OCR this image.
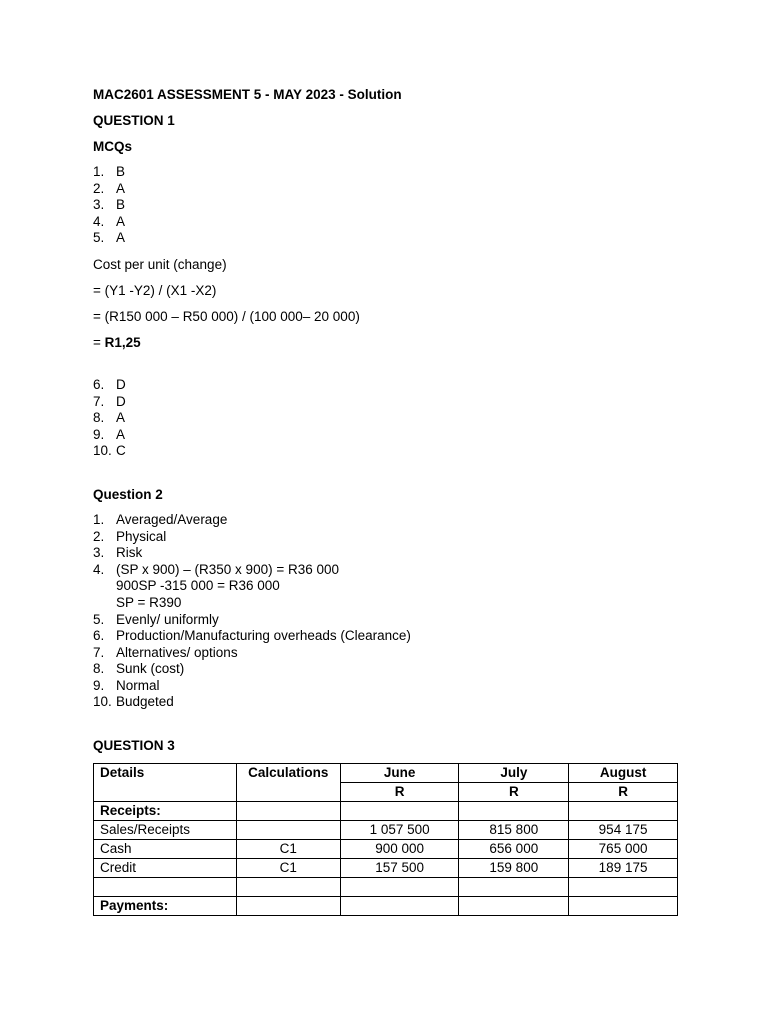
MAC2601 ASSESSMENT 5 - MAY 2023 - Solution
QUESTION 1
MCQs
1. B
2. A
3. B
4. A
5. A
Cost per unit (change)
= (Y1 -Y2) / (X1 -X2)
= (R150 000 – R50 000) / (100 000– 20 000)
= R1,25
6. D
7. D
8. A
9. A
10. C
Question 2
1. Averaged/Average
2. Physical
3. Risk
4. (SP x 900) – (R350 x 900) = R36 000
900SP -315 000 = R36 000
SP = R390
5. Evenly/ uniformly
6. Production/Manufacturing overheads (Clearance)
7. Alternatives/ options
8. Sunk (cost)
9. Normal
10. Budgeted
QUESTION 3
Details	Calculations	June	July	August
		R	R	R
Receipts:				
Sales/Receipts		1 057 500	815 800	954 175
Cash	C1	900 000	656 000	765 000
Credit	C1	157 500	159 800	189 175

Payments:				
